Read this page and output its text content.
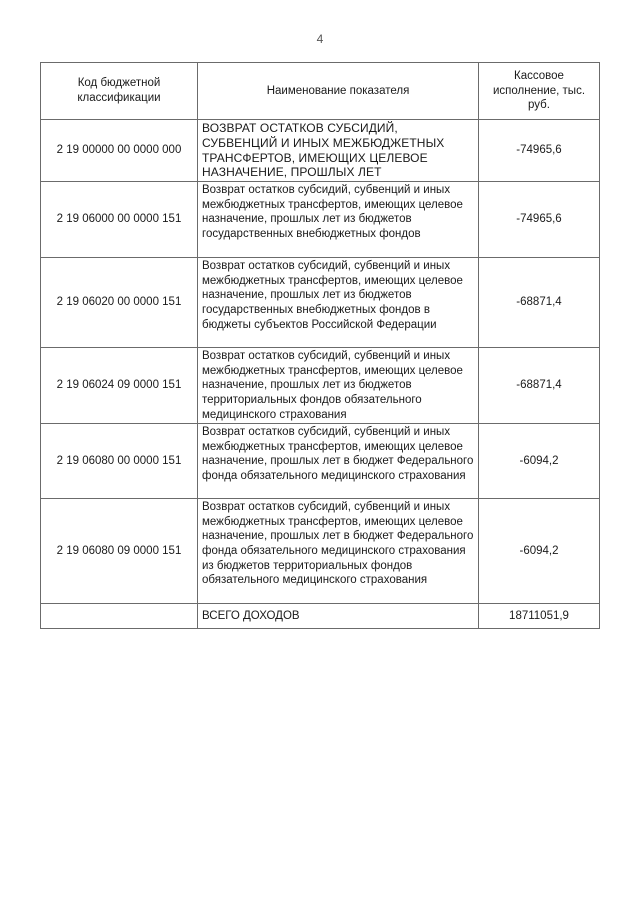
4
Код бюджетной классификации	Наименование показателя	Кассовое исполнение, тыс. руб.
2 19 00000 00 0000 000	ВОЗВРАТ ОСТАТКОВ СУБСИДИЙ, СУБВЕНЦИЙ И ИНЫХ МЕЖБЮДЖЕТНЫХ ТРАНСФЕРТОВ, ИМЕЮЩИХ ЦЕЛЕВОЕ НАЗНАЧЕНИЕ, ПРОШЛЫХ ЛЕТ	-74965,6
2 19 06000 00 0000 151	Возврат остатков субсидий, субвенций и иных межбюджетных трансфертов, имеющих целевое назначение, прошлых лет из бюджетов государственных внебюджетных фондов	-74965,6
2 19 06020 00 0000 151	Возврат остатков субсидий, субвенций и иных межбюджетных трансфертов, имеющих целевое назначение, прошлых лет из бюджетов государственных внебюджетных фондов в бюджеты субъектов Российской Федерации	-68871,4
2 19 06024 09 0000 151	Возврат остатков субсидий, субвенций и иных межбюджетных трансфертов, имеющих целевое назначение, прошлых лет из бюджетов территориальных фондов обязательного медицинского страхования	-68871,4
2 19 06080 00 0000 151	Возврат остатков субсидий, субвенций и иных межбюджетных трансфертов, имеющих целевое назначение, прошлых лет в бюджет Федерального фонда обязательного медицинского страхования	-6094,2
2 19 06080 09 0000 151	Возврат остатков субсидий, субвенций и иных межбюджетных трансфертов, имеющих целевое назначение, прошлых лет в бюджет Федерального фонда обязательного медицинского страхования из бюджетов территориальных фондов обязательного медицинского страхования	-6094,2
	ВСЕГО ДОХОДОВ	18711051,9
